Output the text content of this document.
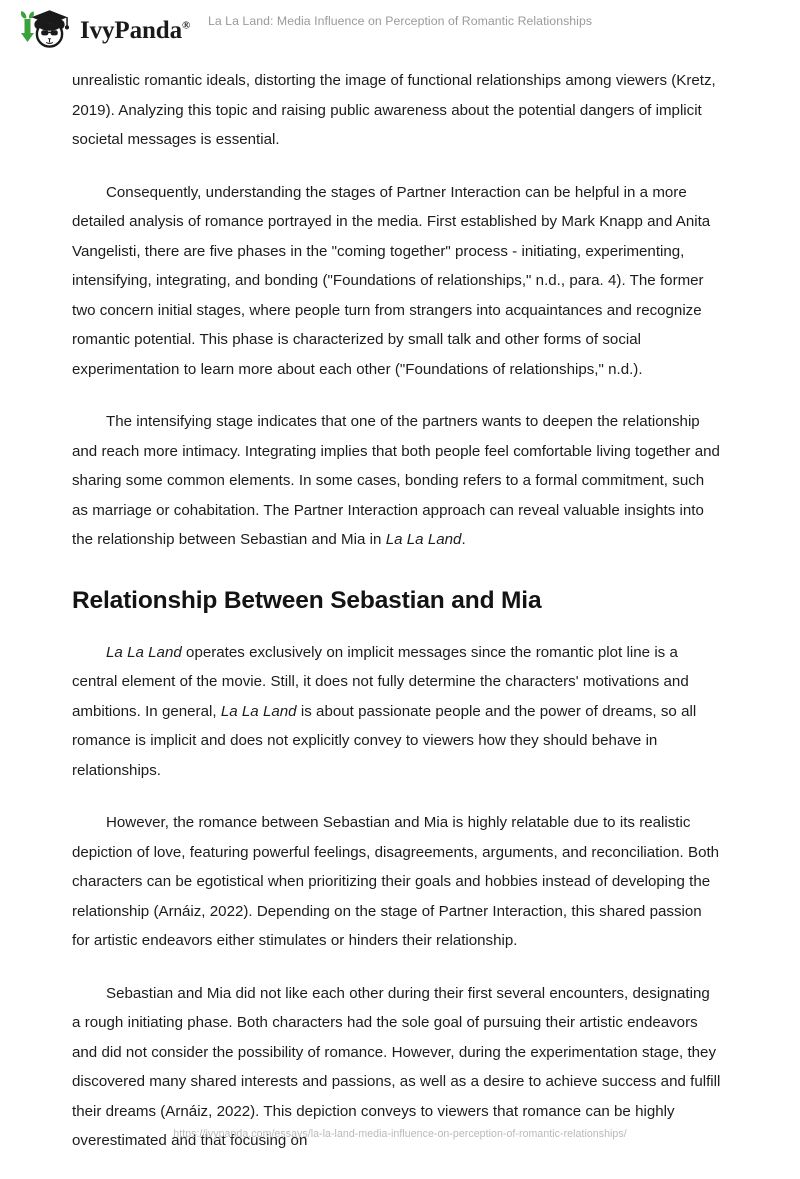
IvyPanda®	La La Land: Media Influence on Perception of Romantic Relationships

unrealistic romantic ideals, distorting the image of functional relationships among viewers (Kretz, 2019). Analyzing this topic and raising public awareness about the potential dangers of implicit societal messages is essential.

Consequently, understanding the stages of Partner Interaction can be helpful in a more detailed analysis of romance portrayed in the media. First established by Mark Knapp and Anita Vangelisti, there are five phases in the "coming together" process - initiating, experimenting, intensifying, integrating, and bonding ("Foundations of relationships," n.d., para. 4). The former two concern initial stages, where people turn from strangers into acquaintances and recognize romantic potential. This phase is characterized by small talk and other forms of social experimentation to learn more about each other ("Foundations of relationships," n.d.).

The intensifying stage indicates that one of the partners wants to deepen the relationship and reach more intimacy. Integrating implies that both people feel comfortable living together and sharing some common elements. In some cases, bonding refers to a formal commitment, such as marriage or cohabitation. The Partner Interaction approach can reveal valuable insights into the relationship between Sebastian and Mia in La La Land.

Relationship Between Sebastian and Mia

La La Land operates exclusively on implicit messages since the romantic plot line is a central element of the movie. Still, it does not fully determine the characters' motivations and ambitions. In general, La La Land is about passionate people and the power of dreams, so all romance is implicit and does not explicitly convey to viewers how they should behave in relationships.

However, the romance between Sebastian and Mia is highly relatable due to its realistic depiction of love, featuring powerful feelings, disagreements, arguments, and reconciliation. Both characters can be egotistical when prioritizing their goals and hobbies instead of developing the relationship (Arnáiz, 2022). Depending on the stage of Partner Interaction, this shared passion for artistic endeavors either stimulates or hinders their relationship.

Sebastian and Mia did not like each other during their first several encounters, designating a rough initiating phase. Both characters had the sole goal of pursuing their artistic endeavors and did not consider the possibility of romance. However, during the experimentation stage, they discovered many shared interests and passions, as well as a desire to achieve success and fulfill their dreams (Arnáiz, 2022). This depiction conveys to viewers that romance can be highly overestimated and that focusing on

https://ivypanda.com/essays/la-la-land-media-influence-on-perception-of-romantic-relationships/
